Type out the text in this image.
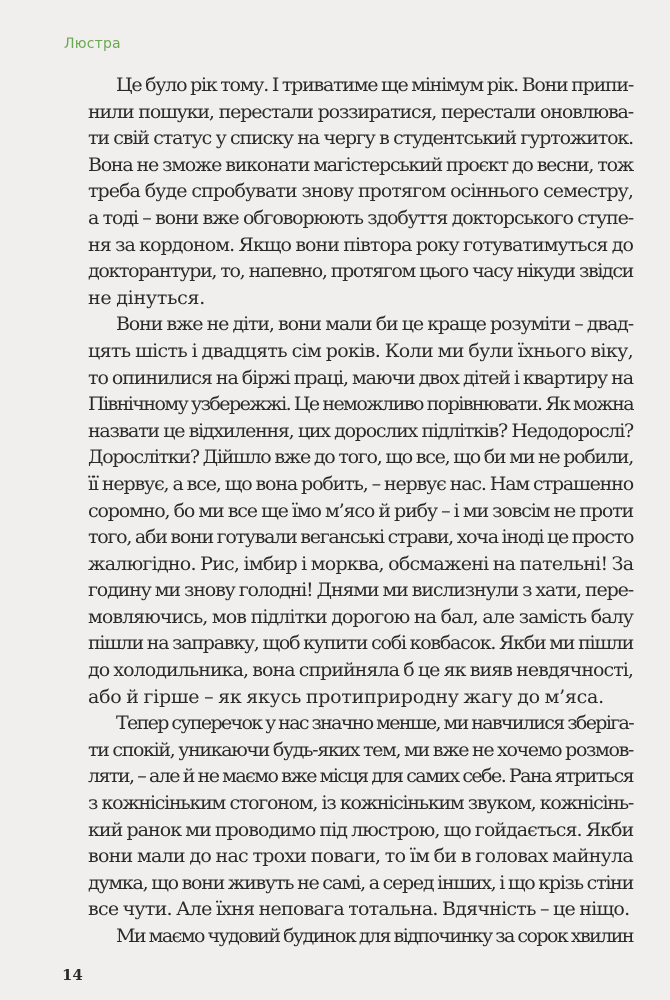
Люстра
Це було рік тому. І триватиме ще мінімум рік. Вони припи-
нили пошуки, перестали роззиратися, перестали оновлюва-
ти свій статус у списку на чергу в студентський гуртожиток.
Вона не зможе виконати магістерський проєкт до весни, тож
треба буде спробувати знову протягом осіннього семестру,
а тоді – вони вже обговорюють здобуття докторського ступе-
ня за кордоном. Якщо вони півтора року готуватимуться до
докторантури, то, напевно, протягом цього часу нікуди звідси
не дінуться.
Вони вже не діти, вони мали би це краще розуміти – двад-
цять шість і двадцять сім років. Коли ми були їхнього віку,
то опинилися на біржі праці, маючи двох дітей і квартиру на
Північному узбережжі. Це неможливо порівнювати. Як можна
назвати це відхилення, цих дорослих підлітків? Недодорослі?
Дорослітки? Дійшло вже до того, що все, що би ми не робили,
її нервує, а все, що вона робить, – нервує нас. Нам страшенно
соромно, бо ми все ще їмо м’ясо й рибу – і ми зовсім не проти
того, аби вони готували веганські страви, хоча іноді це просто
жалюгідно. Рис, імбир і морква, обсмажені на пательні! За
годину ми знову голодні! Днями ми вислизнули з хати, пере-
мовляючись, мов підлітки дорогою на бал, але замість балу
пішли на заправку, щоб купити собі ковбасок. Якби ми пішли
до холодильника, вона сприйняла б це як вияв невдячності,
або й гірше – як якусь протиприродну жагу до м’яса.
Тепер суперечок у нас значно менше, ми навчилися зберіга-
ти спокій, уникаючи будь-яких тем, ми вже не хочемо розмов-
ляти, – але й не маємо вже місця для самих себе. Рана ятриться
з кожнісіньким стогоном, із кожнісіньким звуком, кожнісінь-
кий ранок ми проводимо під люстрою, що гойдається. Якби
вони мали до нас трохи поваги, то їм би в головах майнула
думка, що вони живуть не самі, а серед інших, і що крізь стіни
все чути. Але їхня неповага тотальна. Вдячність – це ніщо.
Ми маємо чудовий будинок для відпочинку за сорок хвилин
14
